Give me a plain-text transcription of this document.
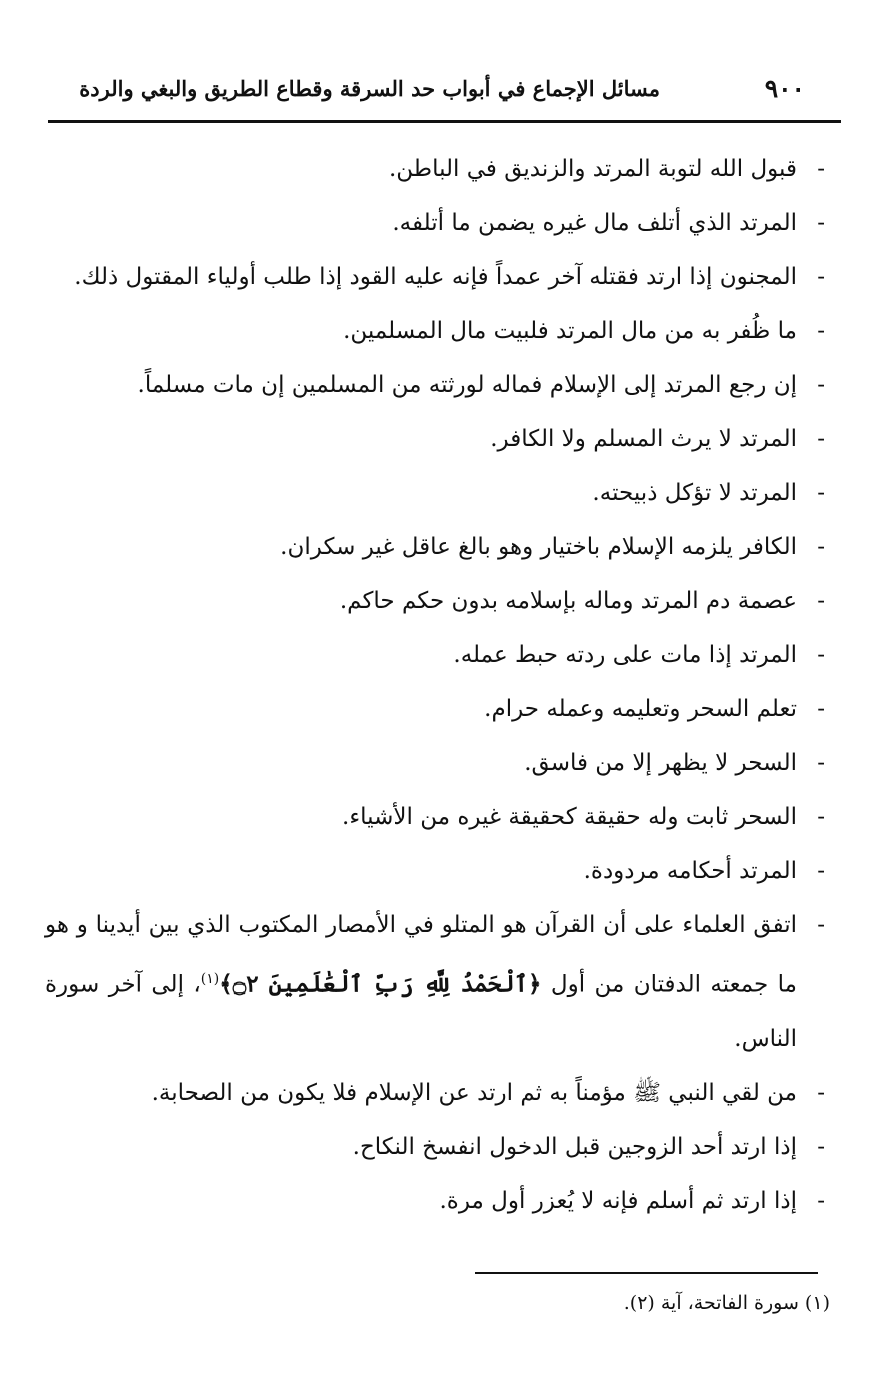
٩٠٠
مسائل الإجماع في أبواب حد السرقة وقطاع الطريق والبغي والردة
-
قبول الله لتوبة المرتد والزنديق في الباطن.
-
المرتد الذي أتلف مال غيره يضمن ما أتلفه.
-
المجنون إذا ارتد فقتله آخر عمداً فإنه عليه القود إذا طلب أولياء المقتول ذلك.
-
ما ظُفر به من مال المرتد فلبيت مال المسلمين.
-
إن رجع المرتد إلى الإسلام فماله لورثته من المسلمين إن مات مسلماً.
-
المرتد لا يرث المسلم ولا الكافر.
-
المرتد لا تؤكل ذبيحته.
-
الكافر يلزمه الإسلام باختيار وهو بالغ عاقل غير سكران.
-
عصمة دم المرتد وماله بإسلامه بدون حكم حاكم.
-
المرتد إذا مات على ردته حبط عمله.
-
تعلم السحر وتعليمه وعمله حرام.
-
السحر لا يظهر إلا من فاسق.
-
السحر ثابت وله حقيقة كحقيقة غيره من الأشياء.
-
المرتد أحكامه مردودة.
-
اتفق العلماء على أن القرآن هو المتلو في الأمصار المكتوب الذي بين أيدينا و هو ما جمعته الدفتان من أول ﴿ٱلْحَمْدُ لِلَّهِ رَبِّ ٱلْعَٰلَمِينَ ۝٢﴾$^{(١)}$، إلى آخر سورة الناس.
-
من لقي النبي ﷺ مؤمناً به ثم ارتد عن الإسلام فلا يكون من الصحابة.
-
إذا ارتد أحد الزوجين قبل الدخول انفسخ النكاح.
-
إذا ارتد ثم أسلم فإنه لا يُعزر أول مرة.
(١) سورة الفاتحة، آية (٢).
